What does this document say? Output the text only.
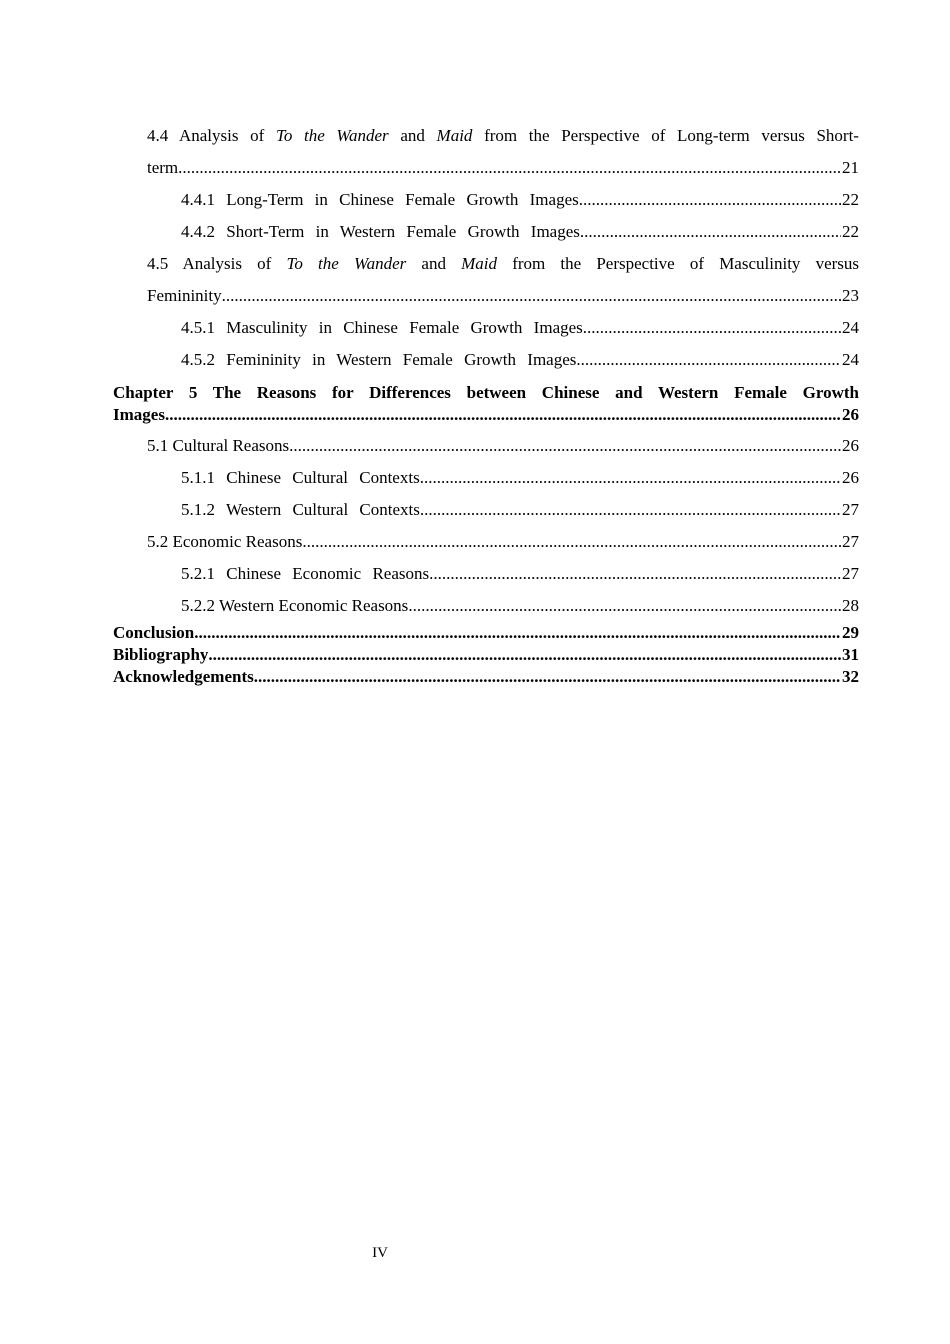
4.4 Analysis of To the Wander and Maid from the Perspective of Long-term versus Short-
term .....	21
4.4.1 Long-Term in Chinese Female Growth Images .....	22
4.4.2 Short-Term in Western Female Growth Images .....	22
4.5 Analysis of To the Wander and Maid from the Perspective of Masculinity versus
Femininity .....	23
4.5.1 Masculinity in Chinese Female Growth Images .....	24
4.5.2 Femininity in Western Female Growth Images .....	24
Chapter 5 The Reasons for Differences between Chinese and Western Female Growth
Images .....	26
5.1 Cultural Reasons .....	26
5.1.1 Chinese Cultural Contexts .....	26
5.1.2 Western Cultural Contexts .....	27
5.2 Economic Reasons .....	27
5.2.1 Chinese Economic Reasons .....	27
5.2.2 Western Economic Reasons .....	28
Conclusion .....	29
Bibliography .....	31
Acknowledgements .....	32
IV
